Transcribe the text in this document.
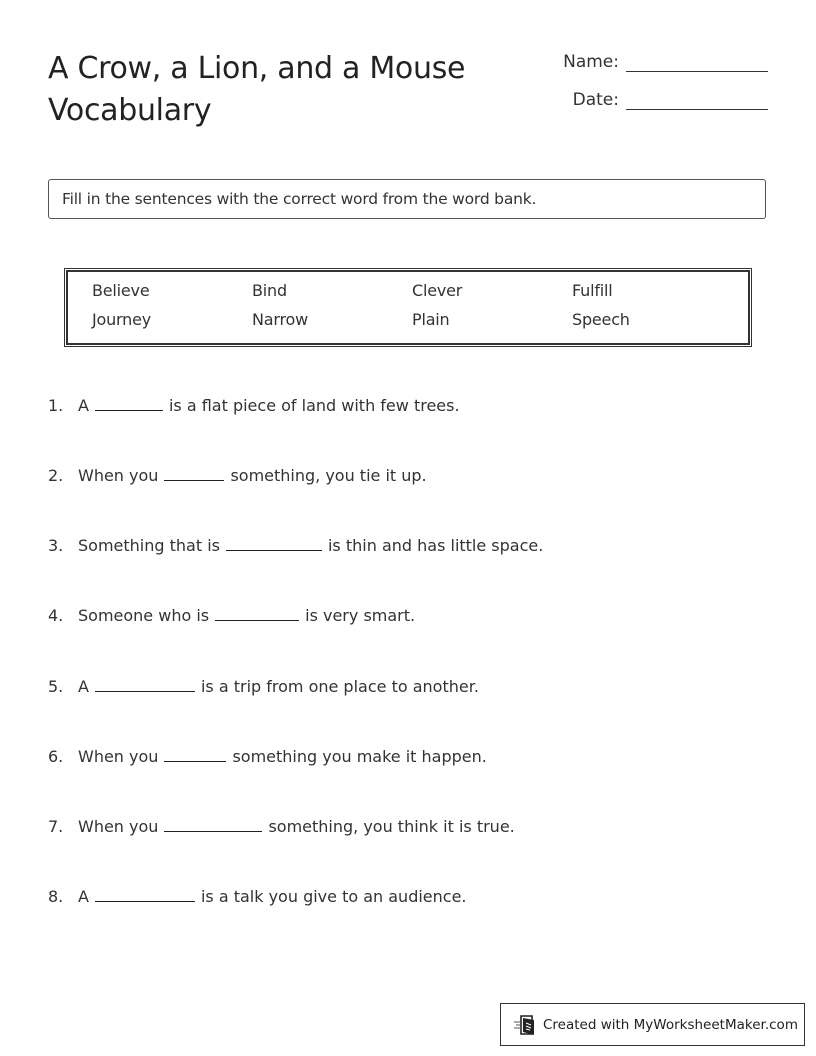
A Crow, a Lion, and a Mouse
Vocabulary
Name:
Date:
Fill in the sentences with the correct word from the word bank.
Believe	Bind	Clever	Fulfill
Journey	Narrow	Plain	Speech
1. A	is a flat piece of land with few trees.
2. When you	something, you tie it up.
3. Something that is	is thin and has little space.
4. Someone who is	is very smart.
5. A	is a trip from one place to another.
6. When you	something you make it happen.
7. When you	something, you think it is true.
8. A	is a talk you give to an audience.
Created with MyWorksheetMaker.com
